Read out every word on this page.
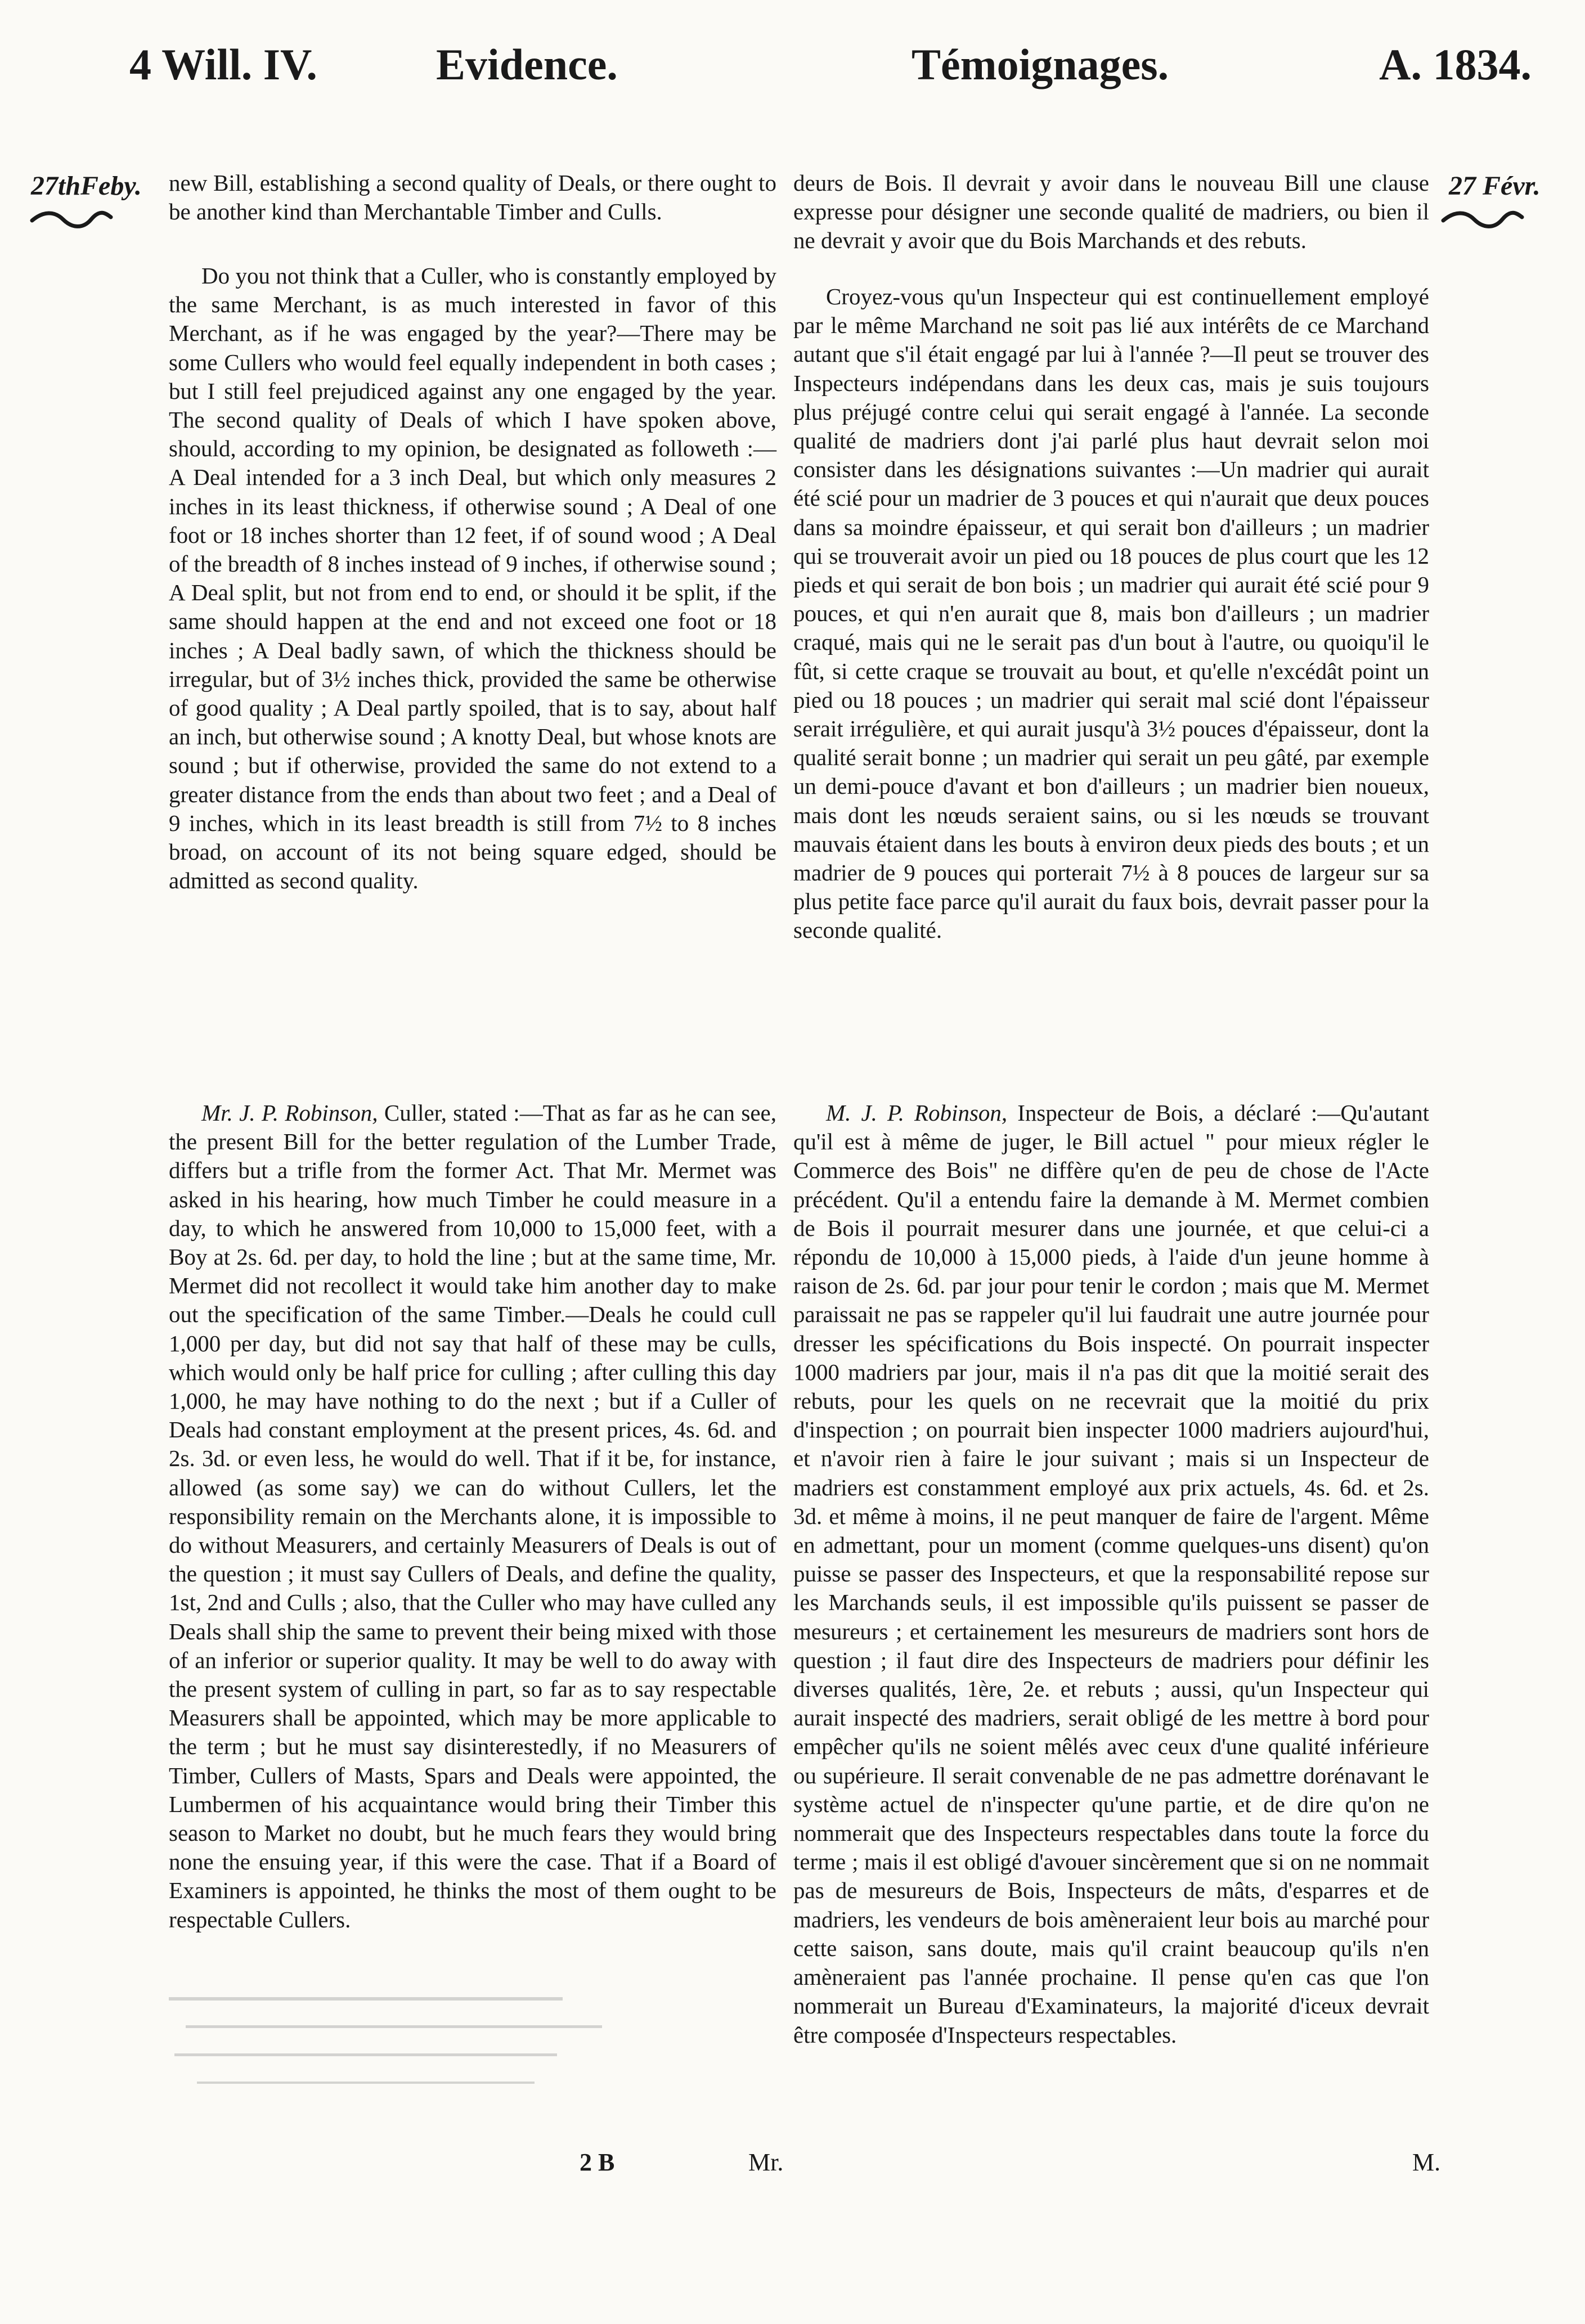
4 Will. IV.	Evidence.	Témoignages.	A. 1834.
27thFeby.	27 Févr.

new Bill, establishing a second quality of Deals, or there ought to be another kind than Merchantable Timber and Culls.

Do you not think that a Culler, who is constantly employed by the same Merchant, is as much interested in favor of this Merchant, as if he was engaged by the year?—There may be some Cullers who would feel equally independent in both cases ; but I still feel prejudiced against any one engaged by the year. The second quality of Deals of which I have spoken above, should, according to my opinion, be designated as followeth :—A Deal intended for a 3 inch Deal, but which only measures 2 inches in its least thickness, if otherwise sound ; A Deal of one foot or 18 inches shorter than 12 feet, if of sound wood ; A Deal of the breadth of 8 inches instead of 9 inches, if otherwise sound ; A Deal split, but not from end to end, or should it be split, if the same should happen at the end and not exceed one foot or 18 inches ; A Deal badly sawn, of which the thickness should be irregular, but of 3½ inches thick, provided the same be otherwise of good quality ; A Deal partly spoiled, that is to say, about half an inch, but otherwise sound ; A knotty Deal, but whose knots are sound ; but if otherwise, provided the same do not extend to a greater distance from the ends than about two feet ; and a Deal of 9 inches, which in its least breadth is still from 7½ to 8 inches broad, on account of its not being square edged, should be admitted as second quality.

Mr. J. P. Robinson, Culler, stated :—That as far as he can see, the present Bill for the better regulation of the Lumber Trade, differs but a trifle from the former Act. That Mr. Mermet was asked in his hearing, how much Timber he could measure in a day, to which he answered from 10,000 to 15,000 feet, with a Boy at 2s. 6d. per day, to hold the line ; but at the same time, Mr. Mermet did not recollect it would take him another day to make out the specification of the same Timber.—Deals he could cull 1,000 per day, but did not say that half of these may be culls, which would only be half price for culling ; after culling this day 1,000, he may have nothing to do the next ; but if a Culler of Deals had constant employment at the present prices, 4s. 6d. and 2s. 3d. or even less, he would do well. That if it be, for instance, allowed (as some say) we can do without Cullers, let the responsibility remain on the Merchants alone, it is impossible to do without Measurers, and certainly Measurers of Deals is out of the question ; it must say Cullers of Deals, and define the quality, 1st, 2nd and Culls ; also, that the Culler who may have culled any Deals shall ship the same to prevent their being mixed with those of an inferior or superior quality. It may be well to do away with the present system of culling in part, so far as to say respectable Measurers shall be appointed, which may be more applicable to the term ; but he must say disinterestedly, if no Measurers of Timber, Cullers of Masts, Spars and Deals were appointed, the Lumbermen of his acquaintance would bring their Timber this season to Market no doubt, but he much fears they would bring none the ensuing year, if this were the case. That if a Board of Examiners is appointed, he thinks the most of them ought to be respectable Cullers.

deurs de Bois. Il devrait y avoir dans le nouveau Bill une clause expresse pour désigner une seconde qualité de madriers, ou bien il ne devrait y avoir que du Bois Marchands et des rebuts.

Croyez-vous qu'un Inspecteur qui est continuellement employé par le même Marchand ne soit pas lié aux intérêts de ce Marchand autant que s'il était engagé par lui à l'année ?—Il peut se trouver des Inspecteurs indépendans dans les deux cas, mais je suis toujours plus préjugé contre celui qui serait engagé à l'année. La seconde qualité de madriers dont j'ai parlé plus haut devrait selon moi consister dans les désignations suivantes :—Un madrier qui aurait été scié pour un madrier de 3 pouces et qui n'aurait que deux pouces dans sa moindre épaisseur, et qui serait bon d'ailleurs ; un madrier qui se trouverait avoir un pied ou 18 pouces de plus court que les 12 pieds et qui serait de bon bois ; un madrier qui aurait été scié pour 9 pouces, et qui n'en aurait que 8, mais bon d'ailleurs ; un madrier craqué, mais qui ne le serait pas d'un bout à l'autre, ou quoiqu'il le fût, si cette craque se trouvait au bout, et qu'elle n'excédât point un pied ou 18 pouces ; un madrier qui serait mal scié dont l'épaisseur serait irrégulière, et qui aurait jusqu'à 3½ pouces d'épaisseur, dont la qualité serait bonne ; un madrier qui serait un peu gâté, par exemple un demi-pouce d'avant et bon d'ailleurs ; un madrier bien noueux, mais dont les nœuds seraient sains, ou si les nœuds se trouvant mauvais étaient dans les bouts à environ deux pieds des bouts ; et un madrier de 9 pouces qui porterait 7½ à 8 pouces de largeur sur sa plus petite face parce qu'il aurait du faux bois, devrait passer pour la seconde qualité.

M. J. P. Robinson, Inspecteur de Bois, a déclaré :—Qu'autant qu'il est à même de juger, le Bill actuel " pour mieux régler le Commerce des Bois" ne diffère qu'en de peu de chose de l'Acte précédent. Qu'il a entendu faire la demande à M. Mermet combien de Bois il pourrait mesurer dans une journée, et que celui-ci a répondu de 10,000 à 15,000 pieds, à l'aide d'un jeune homme à raison de 2s. 6d. par jour pour tenir le cordon ; mais que M. Mermet paraissait ne pas se rappeler qu'il lui faudrait une autre journée pour dresser les spécifications du Bois inspecté. On pourrait inspecter 1000 madriers par jour, mais il n'a pas dit que la moitié serait des rebuts, pour les quels on ne recevrait que la moitié du prix d'inspection ; on pourrait bien inspecter 1000 madriers aujourd'hui, et n'avoir rien à faire le jour suivant ; mais si un Inspecteur de madriers est constamment employé aux prix actuels, 4s. 6d. et 2s. 3d. et même à moins, il ne peut manquer de faire de l'argent. Même en admettant, pour un moment (comme quelques-uns disent) qu'on puisse se passer des Inspecteurs, et que la responsabilité repose sur les Marchands seuls, il est impossible qu'ils puissent se passer de mesureurs ; et certainement les mesureurs de madriers sont hors de question ; il faut dire des Inspecteurs de madriers pour définir les diverses qualités, 1ère, 2e. et rebuts ; aussi, qu'un Inspecteur qui aurait inspecté des madriers, serait obligé de les mettre à bord pour empêcher qu'ils ne soient mêlés avec ceux d'une qualité inférieure ou supérieure. Il serait convenable de ne pas admettre dorénavant le système actuel de n'inspecter qu'une partie, et de dire qu'on ne nommerait que des Inspecteurs respectables dans toute la force du terme ; mais il est obligé d'avouer sincèrement que si on ne nommait pas de mesureurs de Bois, Inspecteurs de mâts, d'esparres et de madriers, les vendeurs de bois amèneraient leur bois au marché pour cette saison, sans doute, mais qu'il craint beaucoup qu'ils n'en amèneraient pas l'année prochaine. Il pense qu'en cas que l'on nommerait un Bureau d'Examinateurs, la majorité d'iceux devrait être composée d'Inspecteurs respectables.

2 B	Mr.	M.
